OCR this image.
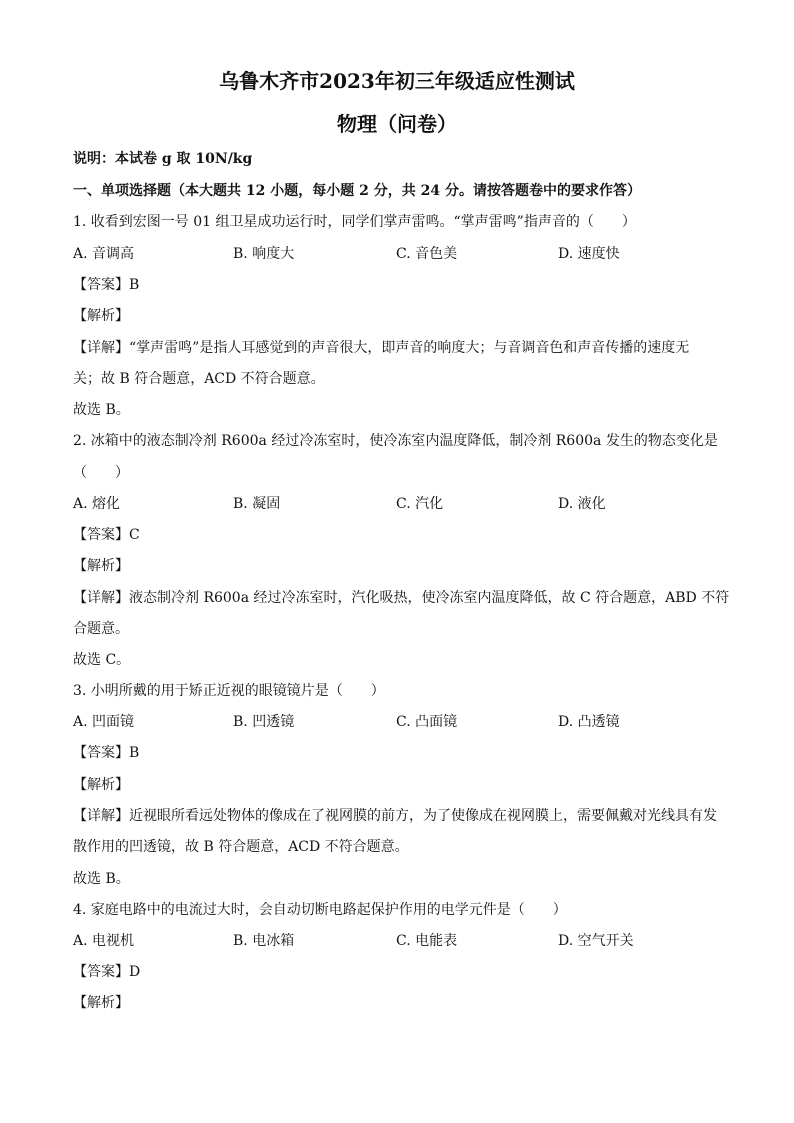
乌鲁木齐市2023年初三年级适应性测试
物理（问卷）
说明：本试卷 g 取 10N/kg
一、单项选择题（本大题共 12 小题，每小题 2 分，共 24 分。请按答题卷中的要求作答）
1. 收看到宏图一号 01 组卫星成功运行时，同学们掌声雷鸣。“掌声雷鸣”指声音的（　　）
A. 音调高	B. 响度大	C. 音色美	D. 速度快
【答案】B
【解析】
【详解】“掌声雷鸣”是指人耳感觉到的声音很大，即声音的响度大；与音调音色和声音传播的速度无
关；故 B 符合题意，ACD 不符合题意。
故选 B。
2. 冰箱中的液态制冷剂 R600a 经过冷冻室时，使冷冻室内温度降低，制冷剂 R600a 发生的物态变化是
（　　）
A. 熔化	B. 凝固	C. 汽化	D. 液化
【答案】C
【解析】
【详解】液态制冷剂 R600a 经过冷冻室时，汽化吸热，使冷冻室内温度降低，故 C 符合题意，ABD 不符
合题意。
故选 C。
3. 小明所戴的用于矫正近视的眼镜镜片是（　　）
A. 凹面镜	B. 凹透镜	C. 凸面镜	D. 凸透镜
【答案】B
【解析】
【详解】近视眼所看远处物体的像成在了视网膜的前方，为了使像成在视网膜上，需要佩戴对光线具有发
散作用的凹透镜，故 B 符合题意，ACD 不符合题意。
故选 B。
4. 家庭电路中的电流过大时，会自动切断电路起保护作用的电学元件是（　　）
A. 电视机	B. 电冰箱	C. 电能表	D. 空气开关
【答案】D
【解析】
